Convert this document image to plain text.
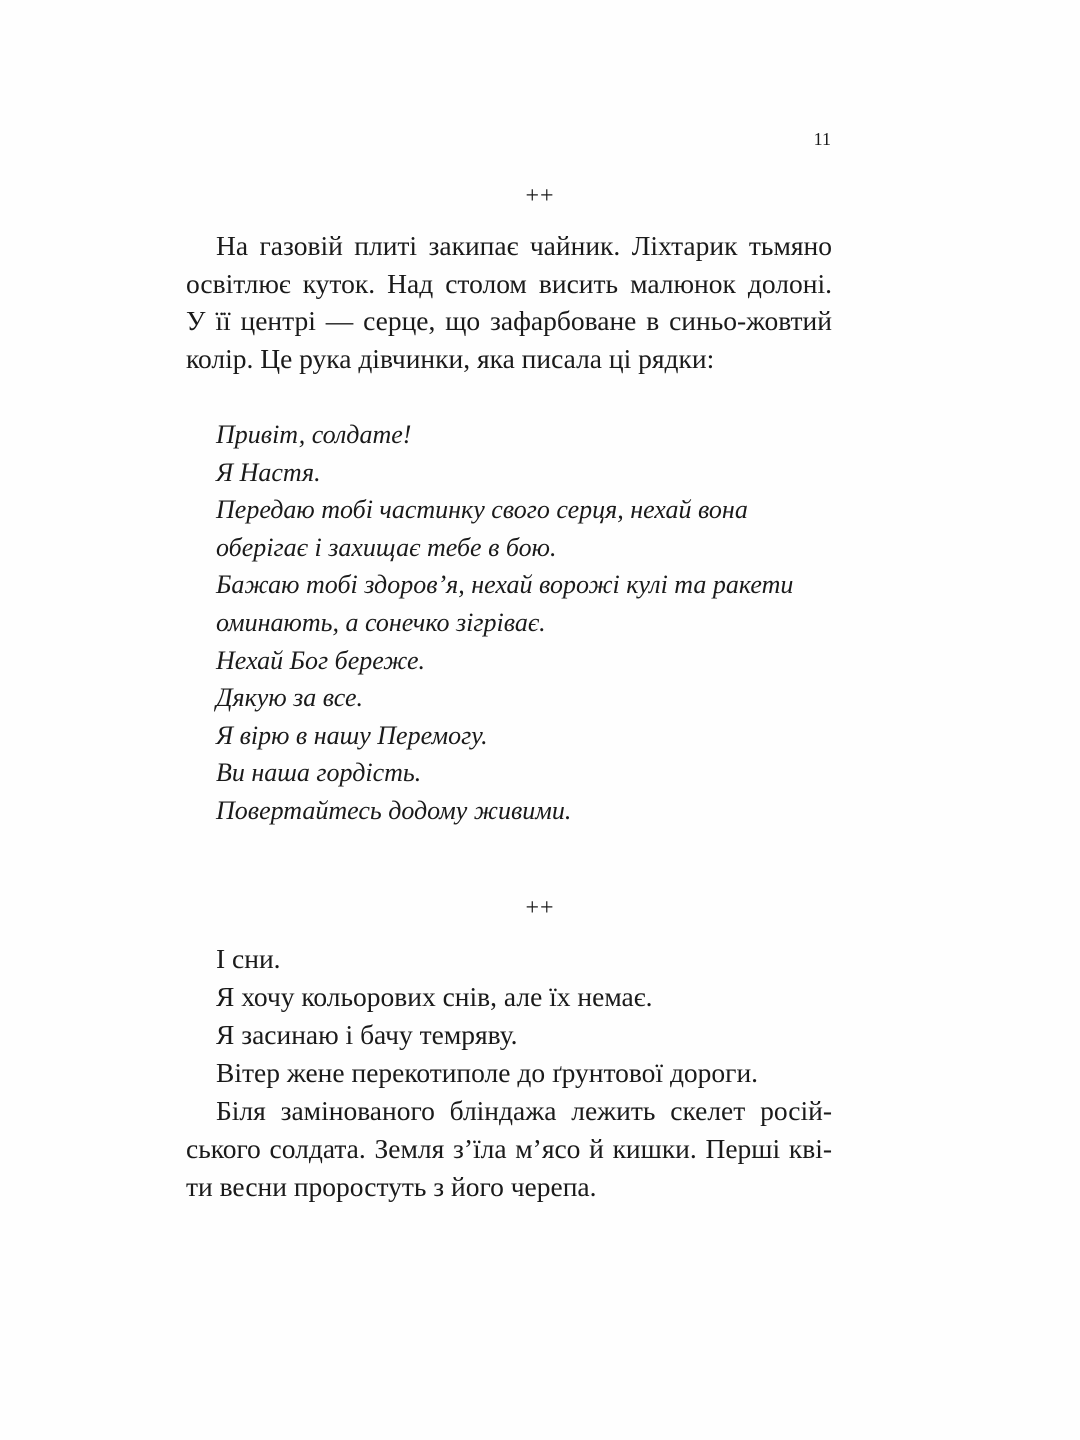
11
++
На газовій плиті закипає чайник. Ліхтарик тьмяно
освітлює куток. Над столом висить малюнок долоні.
У її центрі — серце, що зафарбоване в синьо-жовтий
колір. Це рука дівчинки, яка писала ці рядки:
Привіт, солдате!
Я Настя.
Передаю тобі частинку свого серця, нехай вона
оберігає і захищає тебе в бою.
Бажаю тобі здоров’я, нехай ворожі кулі та ракети
оминають, а сонечко зігріває.
Нехай Бог береже.
Дякую за все.
Я вірю в нашу Перемогу.
Ви наша гордість.
Повертайтесь додому живими.
++
І сни.
Я хочу кольорових снів, але їх немає.
Я засинаю і бачу темряву.
Вітер жене перекотиполе до ґрунтової дороги.
Біля замінованого бліндажа лежить скелет росій-
ського солдата. Земля з’їла м’ясо й кишки. Перші кві-
ти весни проростуть з його черепа.
